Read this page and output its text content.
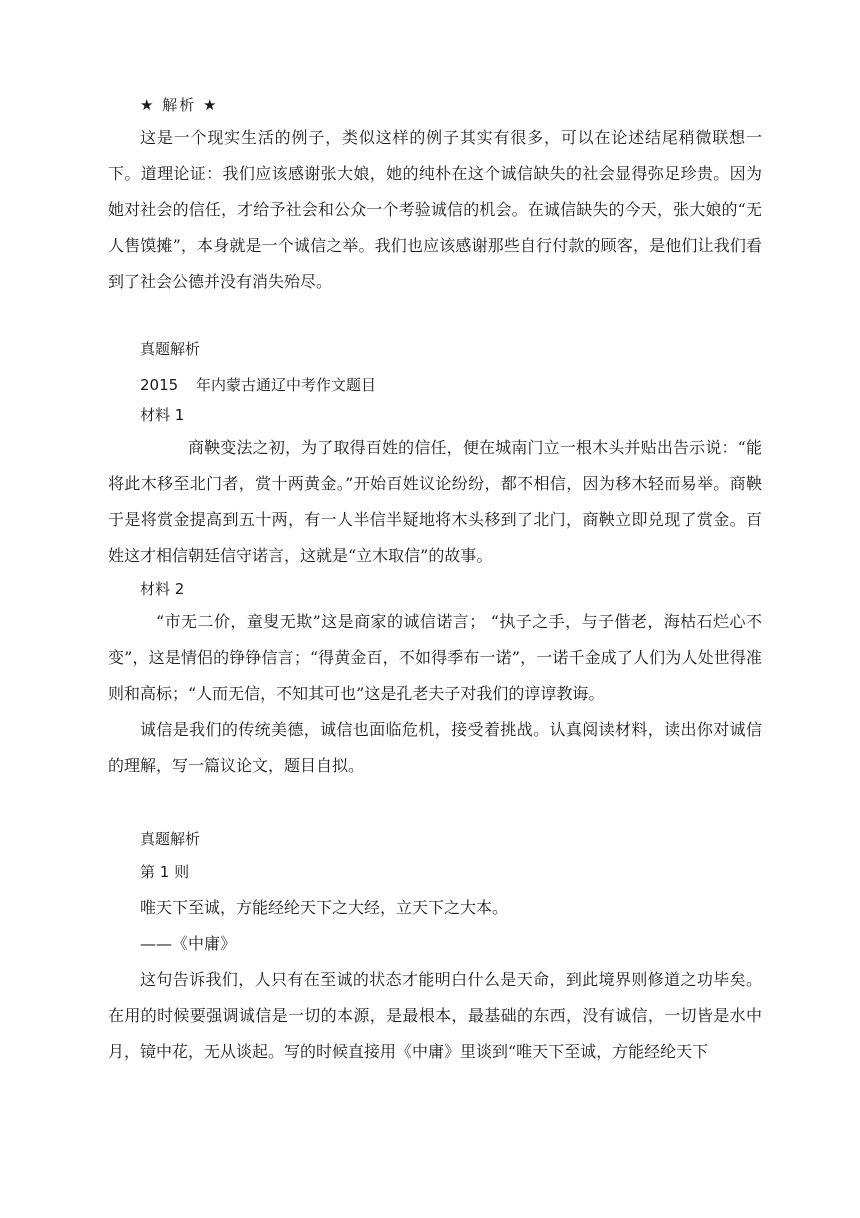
★ 解析 ★

这是一个现实生活的例子，类似这样的例子其实有很多，可以在论述结尾稍微联想一下。道理论证：我们应该感谢张大娘，她的纯朴在这个诚信缺失的社会显得弥足珍贵。因为她对社会的信任，才给予社会和公众一个考验诚信的机会。在诚信缺失的今天，张大娘的“无人售馍摊”，本身就是一个诚信之举。我们也应该感谢那些自行付款的顾客，是他们让我们看到了社会公德并没有消失殆尽。

真题解析

2015 年内蒙古通辽中考作文题目

材料 1

商鞅变法之初，为了取得百姓的信任，便在城南门立一根木头并贴出告示说：“能将此木移至北门者，赏十两黄金。”开始百姓议论纷纷，都不相信，因为移木轻而易举。商鞅于是将赏金提高到五十两，有一人半信半疑地将木头移到了北门，商鞅立即兑现了赏金。百姓这才相信朝廷信守诺言，这就是“立木取信”的故事。

材料 2

“市无二价，童叟无欺”这是商家的诚信诺言； “执子之手，与子偕老，海枯石烂心不变”，这是情侣的铮铮信言；“得黄金百，不如得季布一诺”，一诺千金成了人们为人处世得准则和高标；“人而无信，不知其可也”这是孔老夫子对我们的谆谆教诲。

诚信是我们的传统美德，诚信也面临危机，接受着挑战。认真阅读材料，读出你对诚信的理解，写一篇议论文，题目自拟。

真题解析

第 1 则

唯天下至诚，方能经纶天下之大经，立天下之大本。

——《中庸》

这句告诉我们，人只有在至诚的状态才能明白什么是天命，到此境界则修道之功毕矣。在用的时候要强调诚信是一切的本源，是最根本，最基础的东西，没有诚信，一切皆是水中月，镜中花，无从谈起。写的时候直接用《中庸》里谈到“唯天下至诚，方能经纶天下
